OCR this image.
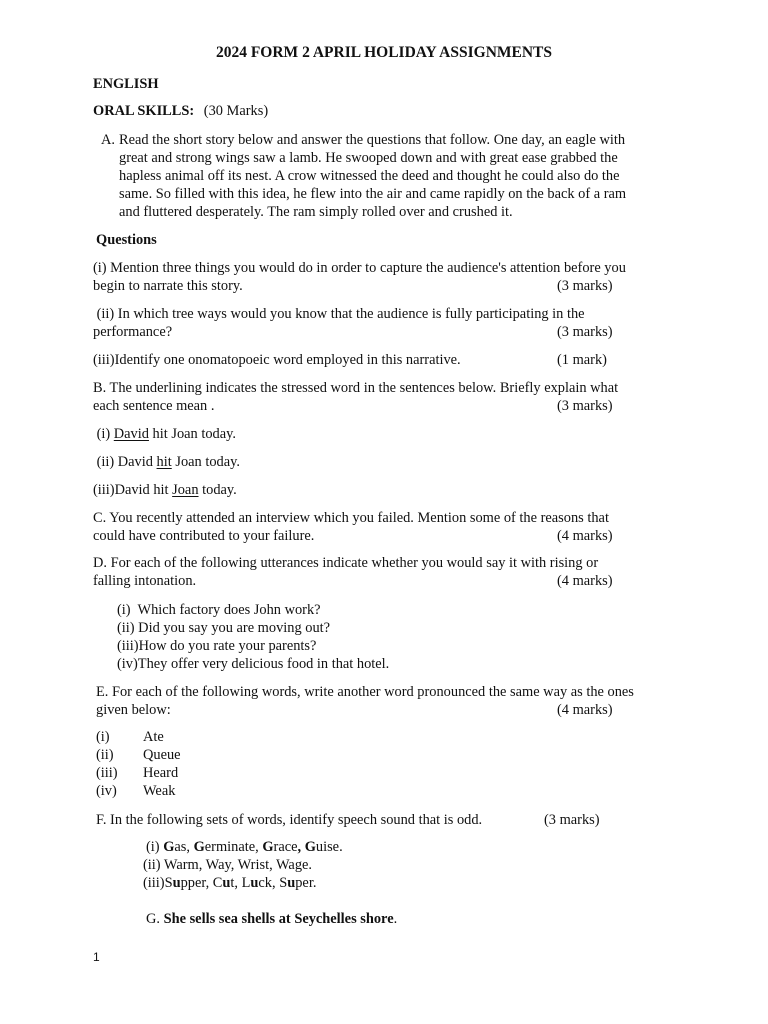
2024 FORM 2 APRIL HOLIDAY ASSIGNMENTS
ENGLISH
ORAL SKILLS: (30 Marks)
A. Read the short story below and answer the questions that follow. One day, an eagle with
great and strong wings saw a lamb. He swooped down and with great ease grabbed the
hapless animal off its nest. A crow witnessed the deed and thought he could also do the
same. So filled with this idea, he flew into the air and came rapidly on the back of a ram
and fluttered desperately. The ram simply rolled over and crushed it.
Questions
(i) Mention three things you would do in order to capture the audience's attention before you
begin to narrate this story.	(3 marks)
(ii) In which tree ways would you know that the audience is fully participating in the
performance?	(3 marks)
(iii)Identify one onomatopoeic word employed in this narrative.	(1 mark)
B. The underlining indicates the stressed word in the sentences below. Briefly explain what
each sentence mean .	(3 marks)
(i) David hit Joan today.
(ii) David hit Joan today.
(iii)David hit Joan today.
C. You recently attended an interview which you failed. Mention some of the reasons that
could have contributed to your failure.	(4 marks)
D. For each of the following utterances indicate whether you would say it with rising or
falling intonation.	(4 marks)
(i)  Which factory does John work?
(ii) Did you say you are moving out?
(iii)How do you rate your parents?
(iv)They offer very delicious food in that hotel.
E. For each of the following words, write another word pronounced the same way as the ones
given below:	(4 marks)
(i) Ate
(ii) Queue
(iii) Heard
(iv) Weak
F. In the following sets of words, identify speech sound that is odd.	(3 marks)
(i) Gas, Germinate, Grace, Guise.
(ii) Warm, Way, Wrist, Wage.
(iii)Supper, Cut, Luck, Super.
G. She sells sea shells at Seychelles shore.
1
